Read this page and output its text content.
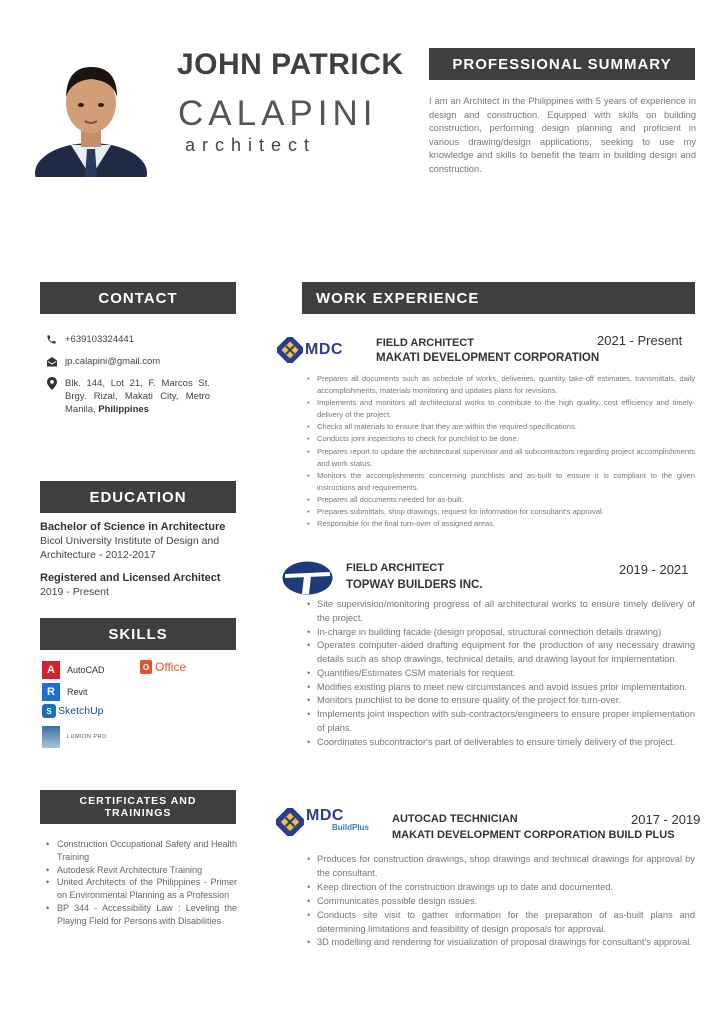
JOHN PATRICK
CALAPINI
architect
PROFESSIONAL SUMMARY
I am an Architect in the Philippines with 5 years of experience in design and construction. Equipped with skills on building construction, performing design planning and proficient in various drawing/design applications, seeking to use my knowledge and skills to benefit the team in building design and construction.
CONTACT
+639103324441
jp.calapini@gmail.com
Blk. 144, Lot 21, F. Marcos St. Brgy. Rizal, Makati City, Metro Manila, Philippines
EDUCATION
Bachelor of Science in Architecture
Bicol University Institute of Design and Architecture - 2012-2017
Registered and Licensed Architect
2019 - Present
SKILLS
A	AutoCAD	O Office
R	Revit
S SketchUp
LUMION PRO
CERTIFICATES AND
TRAININGS
• Construction Occupational Safety and Health Training
• Autodesk Revit Architecture Training
• United Architects of the Philippines - Primer on Environmental Planning as a Profession
• BP 344 - Accessibility Law : Leveling the Playing Field for Persons with Disabilities
WORK EXPERIENCE
MDC	FIELD ARCHITECT
MAKATI DEVELOPMENT CORPORATION
2021 - Present
• Prepares all documents such as schedule of works, deliveries, quantity take-off estimates, transmittals, daily accomplishments, materials monitoring and updates plans for revisions.
• Implements and monitors all architectural works to contribute to the high quality, cost efficiency and timely-delivery of the project.
• Checks all materials to ensure that they are within the required specifications.
• Conducts joint inspections to check for punchlist to be done.
• Prepares report to update the architectural supervisor and all subcontractors regarding project accomplishments and work status.
• Monitors the accomplishments concerning punchlists and as-built to ensure it is compliant to the given instructions and requirements.
• Prepares all documents needed for as-built.
• Prepares submittals, shop drawings, request for information for consultant's approval.
• Responsible for the final turn-over of assigned areas.
FIELD ARCHITECT
TOPWAY BUILDERS INC.
2019 - 2021
• Site supervision/monitoring progress of all architectural works to ensure timely delivery of the project.
• In-charge in building facade (design proposal, structural connection details drawing)
• Operates computer-aided drafting equipment for the production of any necessary drawing details such as shop drawings, technical details, and drawing layout for implementation.
• Quantifies/Estimates CSM materials for request.
• Modifies existing plans to meet new circumstances and avoid issues prior implementation.
• Monitors punchlist to be done to ensure quality of the project for turn-over.
• Implements joint inspection with sub-contractors/engineers to ensure proper implementation of plans.
• Coordinates subcontractor's part of deliverables to ensure timely delivery of the project.
MDC
BuildPlus
AUTOCAD TECHNICIAN
MAKATI DEVELOPMENT CORPORATION BUILD PLUS
2017 - 2019
• Produces for construction drawings, shop drawings and technical drawings for approval by the consultant.
• Keep direction of the construction drawings up to date and documented.
• Communicates possible design issues.
• Conducts site visit to gather information for the preparation of as-built plans and determining limitations and feasibility of design proposals for approval.
• 3D modelling and rendering for visualization of proposal drawings for consultant's approval.
